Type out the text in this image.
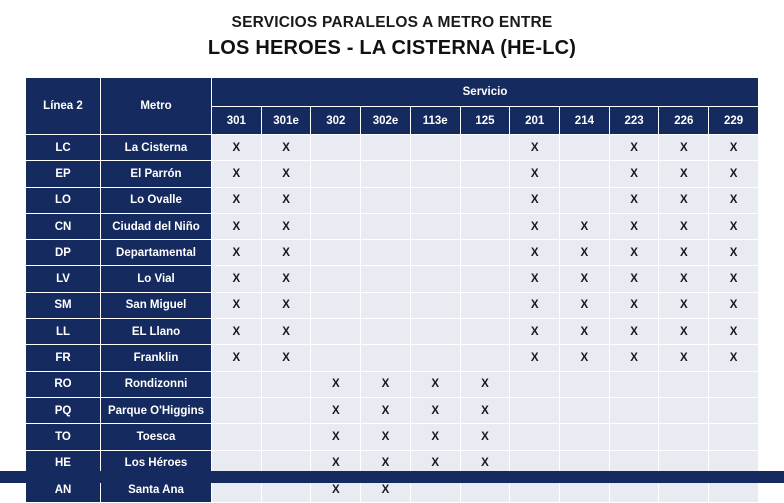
SERVICIOS PARALELOS A METRO ENTRE
LOS HEROES - LA CISTERNA (HE-LC)
Línea 2	Metro	Servicio										
		301	301e	302	302e	113e	125	201	214	223	226	229
LC	La Cisterna	X	X					X		X	X	X
EP	El Parrón	X	X					X		X	X	X
LO	Lo Ovalle	X	X					X		X	X	X
CN	Ciudad del Niño	X	X					X	X	X	X	X
DP	Departamental	X	X					X	X	X	X	X
LV	Lo Vial	X	X					X	X	X	X	X
SM	San Miguel	X	X					X	X	X	X	X
LL	EL Llano	X	X					X	X	X	X	X
FR	Franklin	X	X					X	X	X	X	X
RO	Rondizonni			X	X	X	X					
PQ	Parque O'Higgins			X	X	X	X					
TO	Toesca			X	X	X	X					
HE	Los Héroes			X	X	X	X					
AN	Santa Ana			X	X							
